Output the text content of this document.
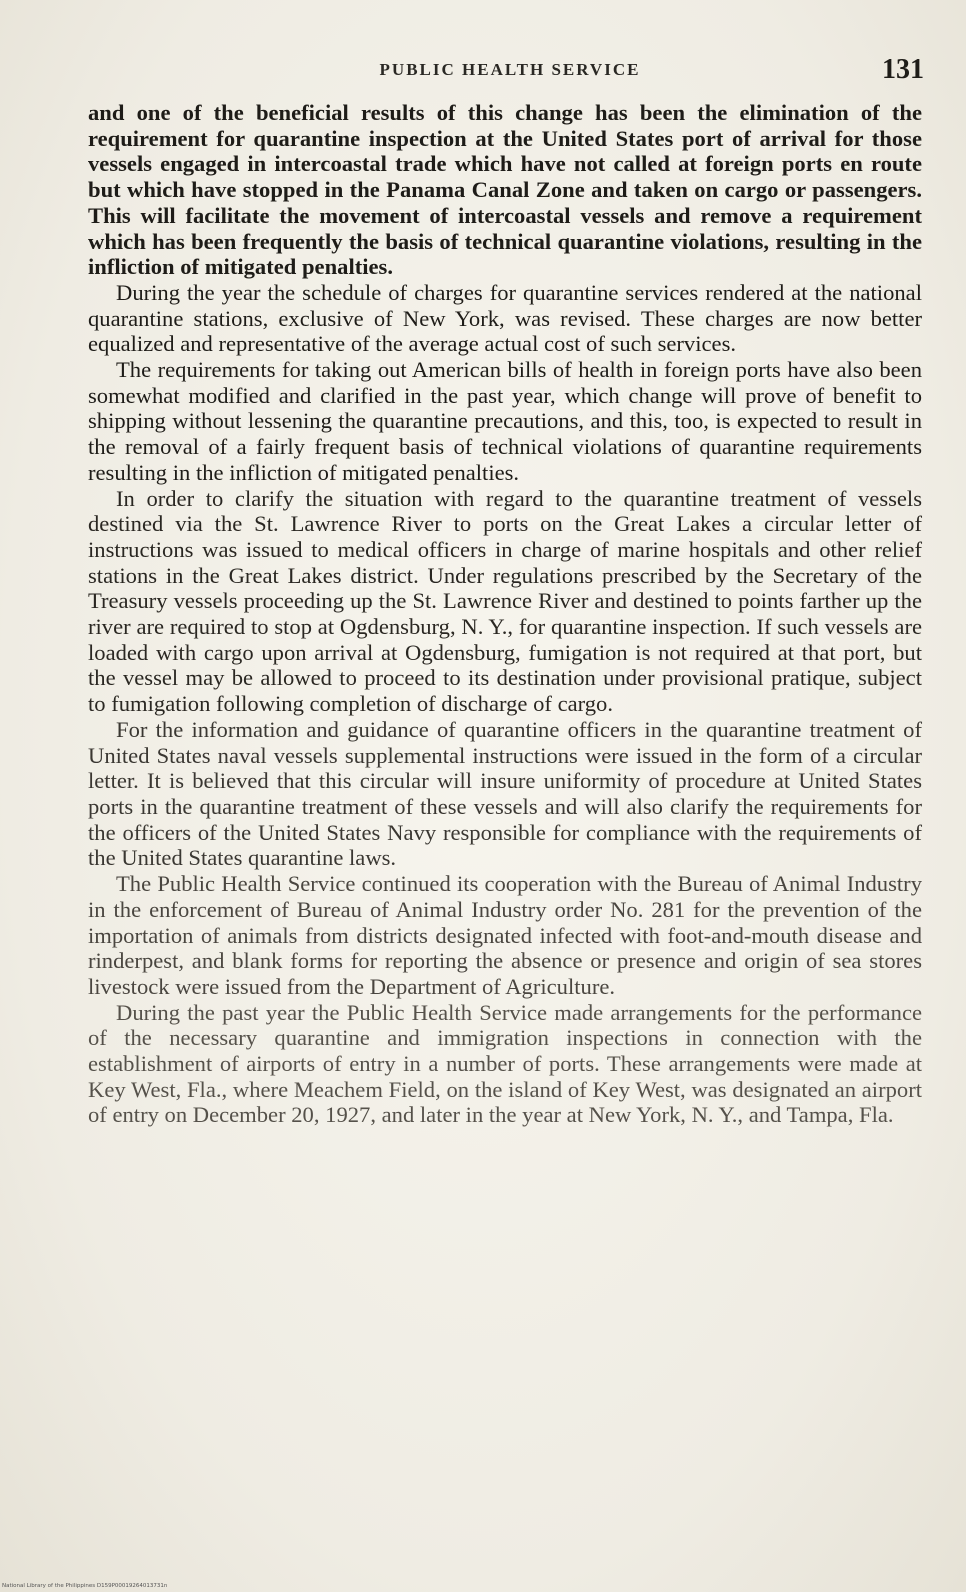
PUBLIC HEALTH SERVICE	131

and one of the beneficial results of this change has been the elimination of the requirement for quarantine inspection at the United States port of arrival for those vessels engaged in intercoastal trade which have not called at foreign ports en route but which have stopped in the Panama Canal Zone and taken on cargo or passengers. This will facilitate the movement of intercoastal vessels and remove a requirement which has been frequently the basis of technical quarantine violations, resulting in the infliction of mitigated penalties.

During the year the schedule of charges for quarantine services rendered at the national quarantine stations, exclusive of New York, was revised. These charges are now better equalized and representative of the average actual cost of such services.

The requirements for taking out American bills of health in foreign ports have also been somewhat modified and clarified in the past year, which change will prove of benefit to shipping without lessening the quarantine precautions, and this, too, is expected to result in the removal of a fairly frequent basis of technical violations of quarantine requirements resulting in the infliction of mitigated penalties.

In order to clarify the situation with regard to the quarantine treatment of vessels destined via the St. Lawrence River to ports on the Great Lakes a circular letter of instructions was issued to medical officers in charge of marine hospitals and other relief stations in the Great Lakes district. Under regulations prescribed by the Secretary of the Treasury vessels proceeding up the St. Lawrence River and destined to points farther up the river are required to stop at Ogdensburg, N. Y., for quarantine inspection. If such vessels are loaded with cargo upon arrival at Ogdensburg, fumigation is not required at that port, but the vessel may be allowed to proceed to its destination under provisional pratique, subject to fumigation following completion of discharge of cargo.

For the information and guidance of quarantine officers in the quarantine treatment of United States naval vessels supplemental instructions were issued in the form of a circular letter. It is believed that this circular will insure uniformity of procedure at United States ports in the quarantine treatment of these vessels and will also clarify the requirements for the officers of the United States Navy responsible for compliance with the requirements of the United States quarantine laws.

The Public Health Service continued its cooperation with the Bureau of Animal Industry in the enforcement of Bureau of Animal Industry order No. 281 for the prevention of the importation of animals from districts designated infected with foot-and-mouth disease and rinderpest, and blank forms for reporting the absence or presence and origin of sea stores livestock were issued from the Department of Agriculture.

During the past year the Public Health Service made arrangements for the performance of the necessary quarantine and immigration inspections in connection with the establishment of airports of entry in a number of ports. These arrangements were made at Key West, Fla., where Meachem Field, on the island of Key West, was designated an airport of entry on December 20, 1927, and later in the year at New York, N. Y., and Tampa, Fla.

National Library of the Philippines D159P00019264013731n
